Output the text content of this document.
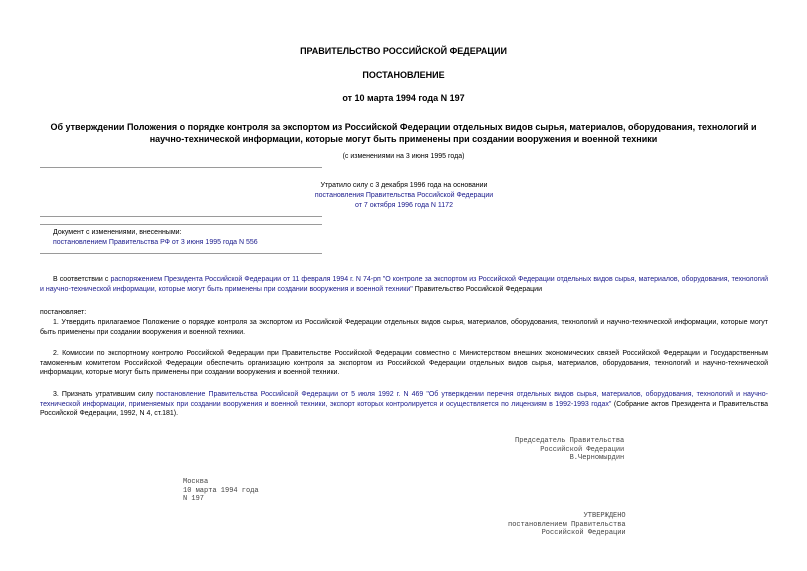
ПРАВИТЕЛЬСТВО РОССИЙСКОЙ ФЕДЕРАЦИИ
ПОСТАНОВЛЕНИЕ
от 10 марта 1994 года N 197
Об утверждении Положения о порядке контроля за экспортом из Российской Федерации отдельных видов сырья, материалов, оборудования, технологий и
научно-технической информации, которые могут быть применены при создании вооружения и военной техники
(с изменениями на 3 июня 1995 года)
Утратило силу с 3 декабря 1996 года на основании
постановления Правительства Российской Федерации
от 7 октября 1996 года N 1172
Документ с изменениями, внесенными:
постановлением Правительства РФ от 3 июня 1995 года N 556
В соответствии с распоряжением Президента Российской Федерации от 11 февраля 1994 г. N 74-рп "О контроле за экспортом из Российской Федерации отдельных видов сырья, материалов, оборудования, технологий и научно-технической информации, которые могут быть применены при создании вооружения и военной техники" Правительство Российской Федерации
постановляет:
1. Утвердить прилагаемое Положение о порядке контроля за экспортом из Российской Федерации отдельных видов сырья, материалов, оборудования, технологий и научно-технической информации, которые могут быть применены при создании вооружения и военной техники.
2. Комиссии по экспортному контролю Российской Федерации при Правительстве Российской Федерации совместно с Министерством внешних экономических связей Российской Федерации и Государственным таможенным комитетом Российской Федерации обеспечить организацию контроля за экспортом из Российской Федерации отдельных видов сырья, материалов, оборудования, технологий и научно-технической информации, которые могут быть применены при создании вооружения и военной техники.
3. Признать утратившим силу постановление Правительства Российской Федерации от 5 июля 1992 г. N 469 "Об утверждении перечня отдельных видов сырья, материалов, оборудования, технологий и научно-технической информации, применяемых при создании вооружения и военной техники, экспорт которых контролируется и осуществляется по лицензиям в 1992-1993 годах" (Собрание актов Президента и Правительства Российской Федерации, 1992, N 4, ст.181).
Председатель Правительства
Российской Федерации
В.Черномырдин
Москва
10 марта 1994 года
N 197
УТВЕРЖДЕНО
постановлением Правительства
Российской Федерации
